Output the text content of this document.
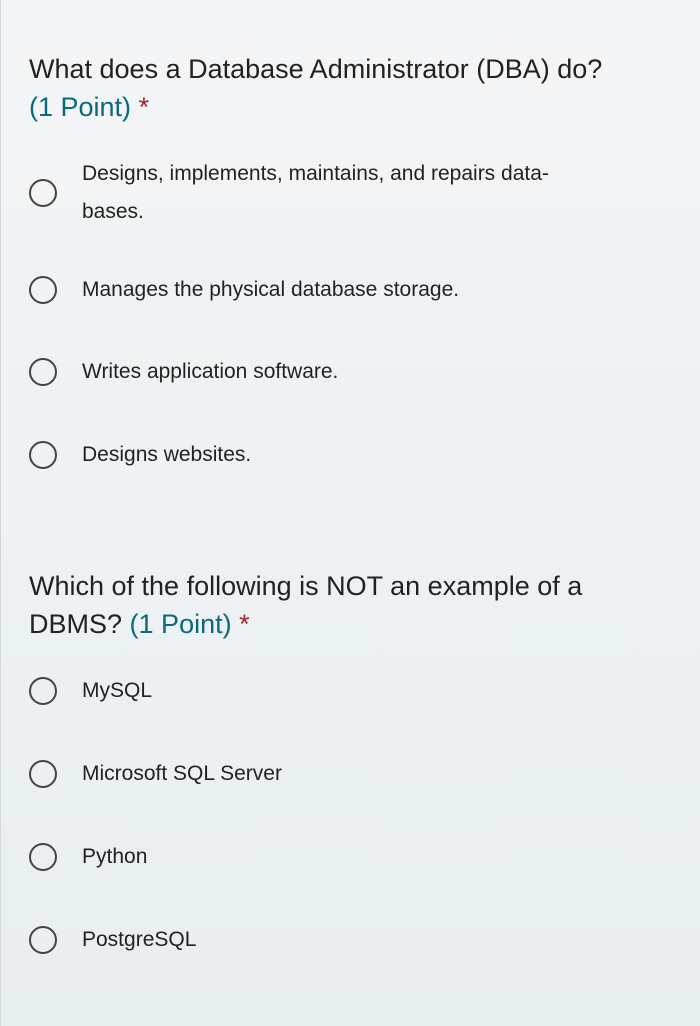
What does a Database Administrator (DBA) do?
(1 Point) *

Designs, implements, maintains, and repairs data-
bases.
Manages the physical database storage.
Writes application software.
Designs websites.

Which of the following is NOT an example of a DBMS? (1 Point) *

MySQL
Microsoft SQL Server
Python
PostgreSQL
